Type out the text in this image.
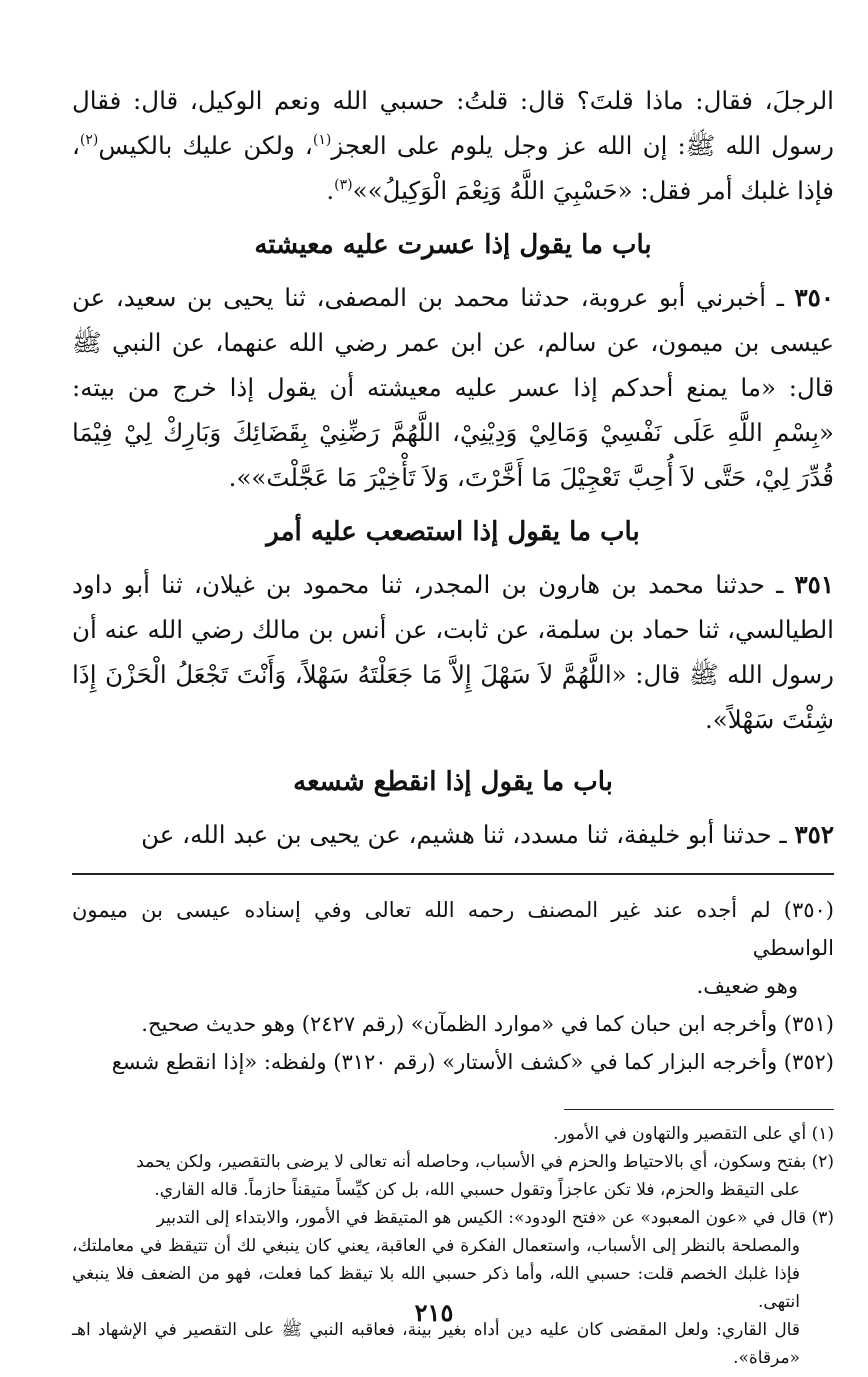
الرجلَ، فقال: ماذا قلتَ؟ قال: قلتُ: حسبي الله ونعم الوكيل، قال: فقال رسول الله ﷺ: إن الله عز وجل يلوم على العجز$^{(١)}$، ولكن عليك بالكيس$^{(٢)}$، فإذا غلبك أمر فقل: «حَسْبِيَ اللَّهُ وَنِعْمَ الْوَكِيلُ»»$^{(٣)}$.

باب ما يقول إذا عسرت عليه معيشته

٣٥٠ ـ أخبرني أبو عروبة، حدثنا محمد بن المصفى، ثنا يحيى بن سعيد، عن عيسى بن ميمون، عن سالم، عن ابن عمر رضي الله عنهما، عن النبي ﷺ قال: «ما يمنع أحدكم إذا عسر عليه معيشته أن يقول إذا خرج من بيته: «بِسْمِ اللَّهِ عَلَى نَفْسِيْ وَمَالِيْ وَدِيْنِيْ، اللَّهُمَّ رَضِّنِيْ بِقَضَائِكَ وَبَارِكْ لِيْ فِيْمَا قُدِّرَ لِيْ، حَتَّى لاَ أُحِبَّ تَعْجِيْلَ مَا أَخَّرْتَ، وَلاَ تَأْخِيْرَ مَا عَجَّلْتَ»».

باب ما يقول إذا استصعب عليه أمر

٣٥١ ـ حدثنا محمد بن هارون بن المجدر، ثنا محمود بن غيلان، ثنا أبو داود الطيالسي، ثنا حماد بن سلمة، عن ثابت، عن أنس بن مالك رضي الله عنه أن رسول الله ﷺ قال: «اللَّهُمَّ لاَ سَهْلَ إِلاَّ مَا جَعَلْتَهُ سَهْلاً، وَأَنْتَ تَجْعَلُ الْحَزْنَ إِذَا شِئْتَ سَهْلاً».

باب ما يقول إذا انقطع شسعه

٣٥٢ ـ حدثنا أبو خليفة، ثنا مسدد، ثنا هشيم، عن يحيى بن عبد الله، عن

(٣٥٠) لم أجده عند غير المصنف رحمه الله تعالى وفي إسناده عيسى بن ميمون الواسطي

وهو ضعيف.

(٣٥١) وأخرجه ابن حبان كما في «موارد الظمآن» (رقم ٢٤٢٧) وهو حديث صحيح.

(٣٥٢) وأخرجه البزار كما في «كشف الأستار» (رقم ٣١٢٠) ولفظه: «إذا انقطع شسع

(١) أي على التقصير والتهاون في الأمور.

(٢) بفتح وسكون، أي بالاحتياط والحزم في الأسباب، وحاصله أنه تعالى لا يرضى بالتقصير، ولكن يحمد

على التيقظ والحزم، فلا تكن عاجزاً وتقول حسبي الله، بل كن كيِّساً متيقناً حازماً. قاله القاري.

(٣) قال في «عون المعبود» عن «فتح الودود»: الكيس هو المتيقظ في الأمور، والابتداء إلى التدبير

والمصلحة بالنظر إلى الأسباب، واستعمال الفكرة في العاقبة، يعني كان ينبغي لك أن تتيقظ في معاملتك، فإذا غلبك الخصم قلت: حسبي الله، وأما ذكر حسبي الله بلا تيقظ كما فعلت، فهو من الضعف فلا ينبغي انتهى.

قال القاري: ولعل المقضى كان عليه دين أداه بغير بينة، فعاقبه النبي ﷺ على التقصير في الإشهاد اهـ «مرقاة».

٢١٥
